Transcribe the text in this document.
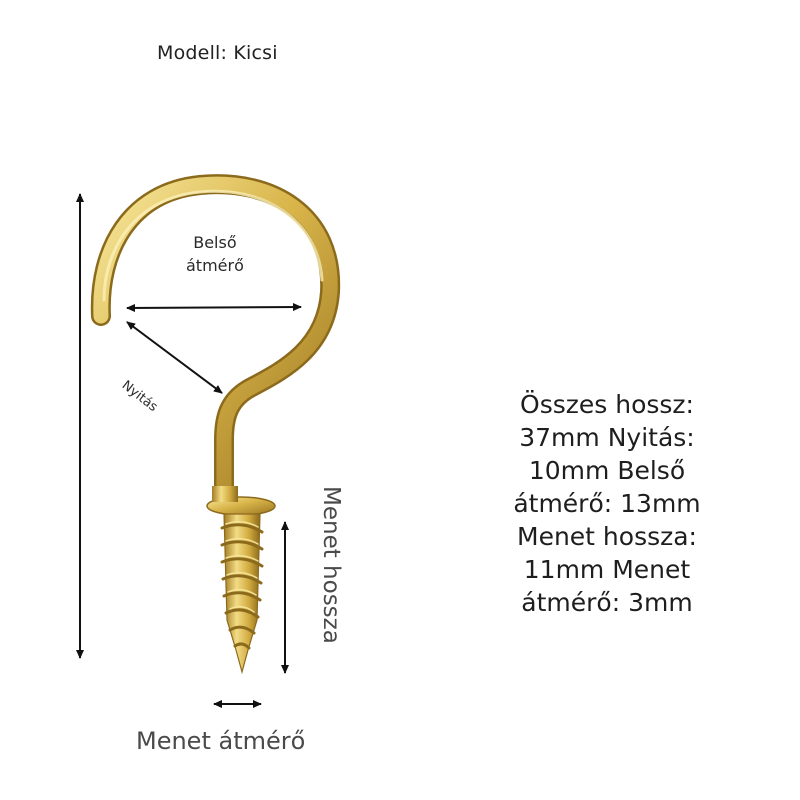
Modell: Kicsi
Belső
átmérő
Nyitás
Menet hossza
Menet átmérő
Összes hossz:
37mm Nyitás:
10mm Belső
átmérő: 13mm
Menet hossza:
11mm Menet
átmérő: 3mm
